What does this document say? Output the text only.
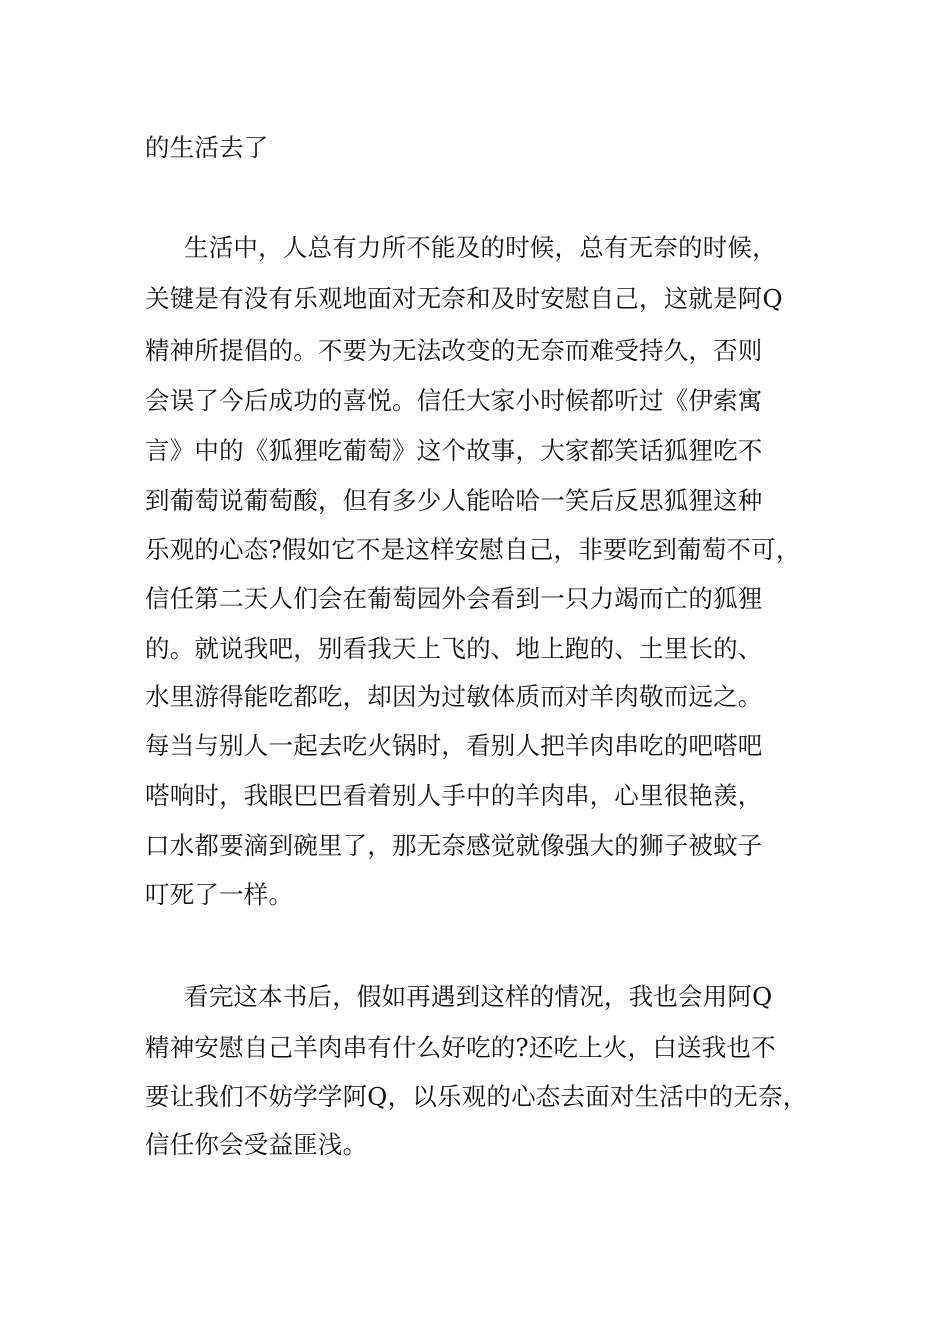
的生活去了
生活中，人总有力所不能及的时候，总有无奈的时候，
关键是有没有乐观地面对无奈和及时安慰自己，这就是阿Q
精神所提倡的。不要为无法改变的无奈而难受持久，否则
会误了今后成功的喜悦。信任大家小时候都听过《伊索寓
言》中的《狐狸吃葡萄》这个故事，大家都笑话狐狸吃不
到葡萄说葡萄酸，但有多少人能哈哈一笑后反思狐狸这种
乐观的心态?假如它不是这样安慰自己，非要吃到葡萄不可，
信任第二天人们会在葡萄园外会看到一只力竭而亡的狐狸
的。就说我吧，别看我天上飞的、地上跑的、土里长的、
水里游得能吃都吃，却因为过敏体质而对羊肉敬而远之。
每当与别人一起去吃火锅时，看别人把羊肉串吃的吧嗒吧
嗒响时，我眼巴巴看着别人手中的羊肉串，心里很艳羡，
口水都要滴到碗里了，那无奈感觉就像强大的狮子被蚊子
叮死了一样。
看完这本书后，假如再遇到这样的情况，我也会用阿Q
精神安慰自己羊肉串有什么好吃的?还吃上火，白送我也不
要让我们不妨学学阿Q，以乐观的心态去面对生活中的无奈，
信任你会受益匪浅。
